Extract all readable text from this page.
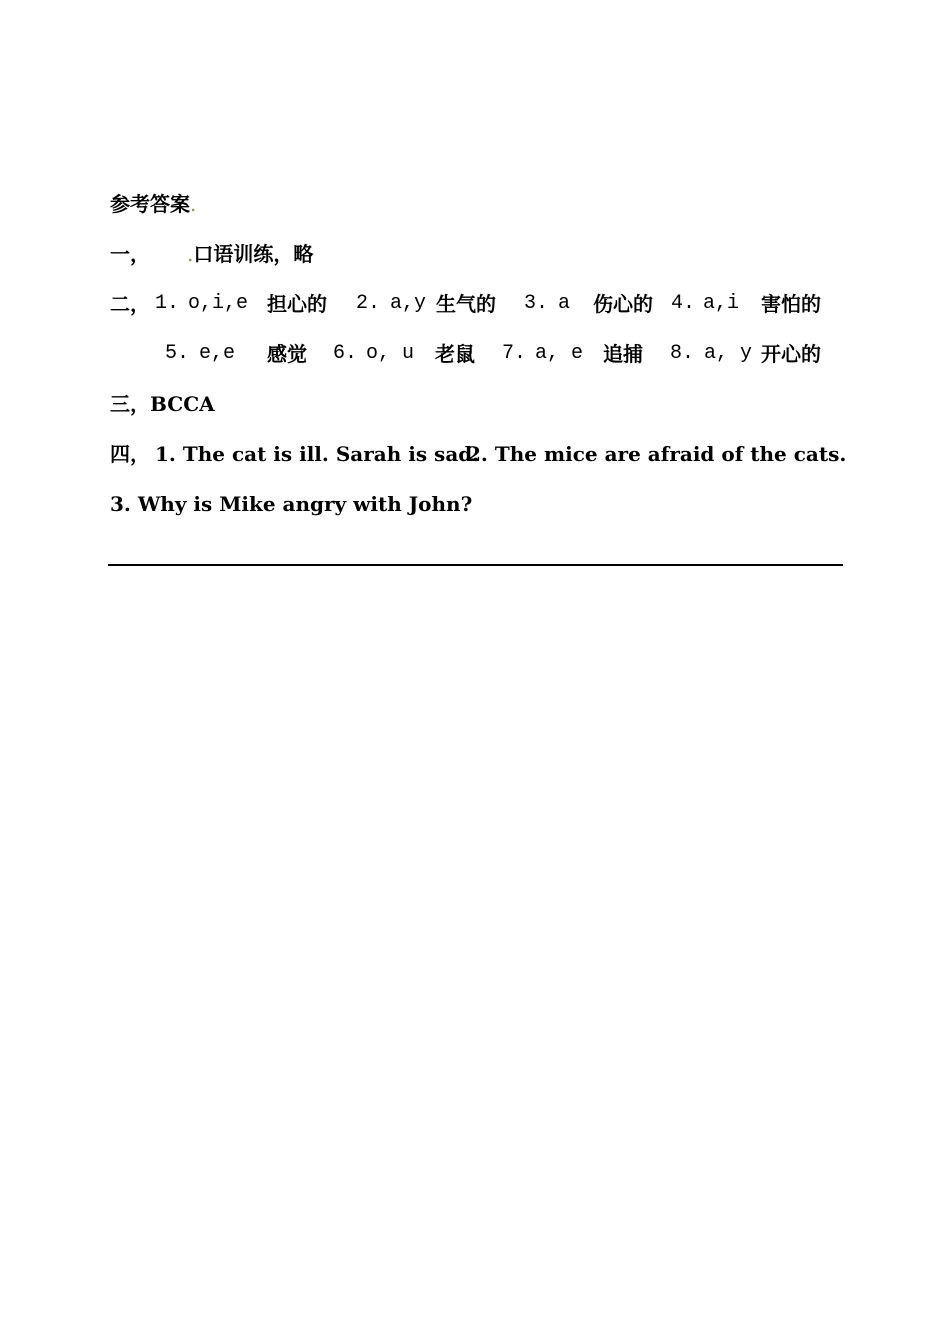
参考答案.
一， .口语训练，略
二， 1. o,i,e 担心的 2. a,y 生气的 3. a 伤心的 4. a,i 害怕的
5. e,e 感觉 6. o, u 老鼠 7. a, e 追捕 8. a, y 开心的
三，BCCA
四， 1. The cat is ill. Sarah is sad.
2. The mice are afraid of the cats.
3. Why is Mike angry with John?
